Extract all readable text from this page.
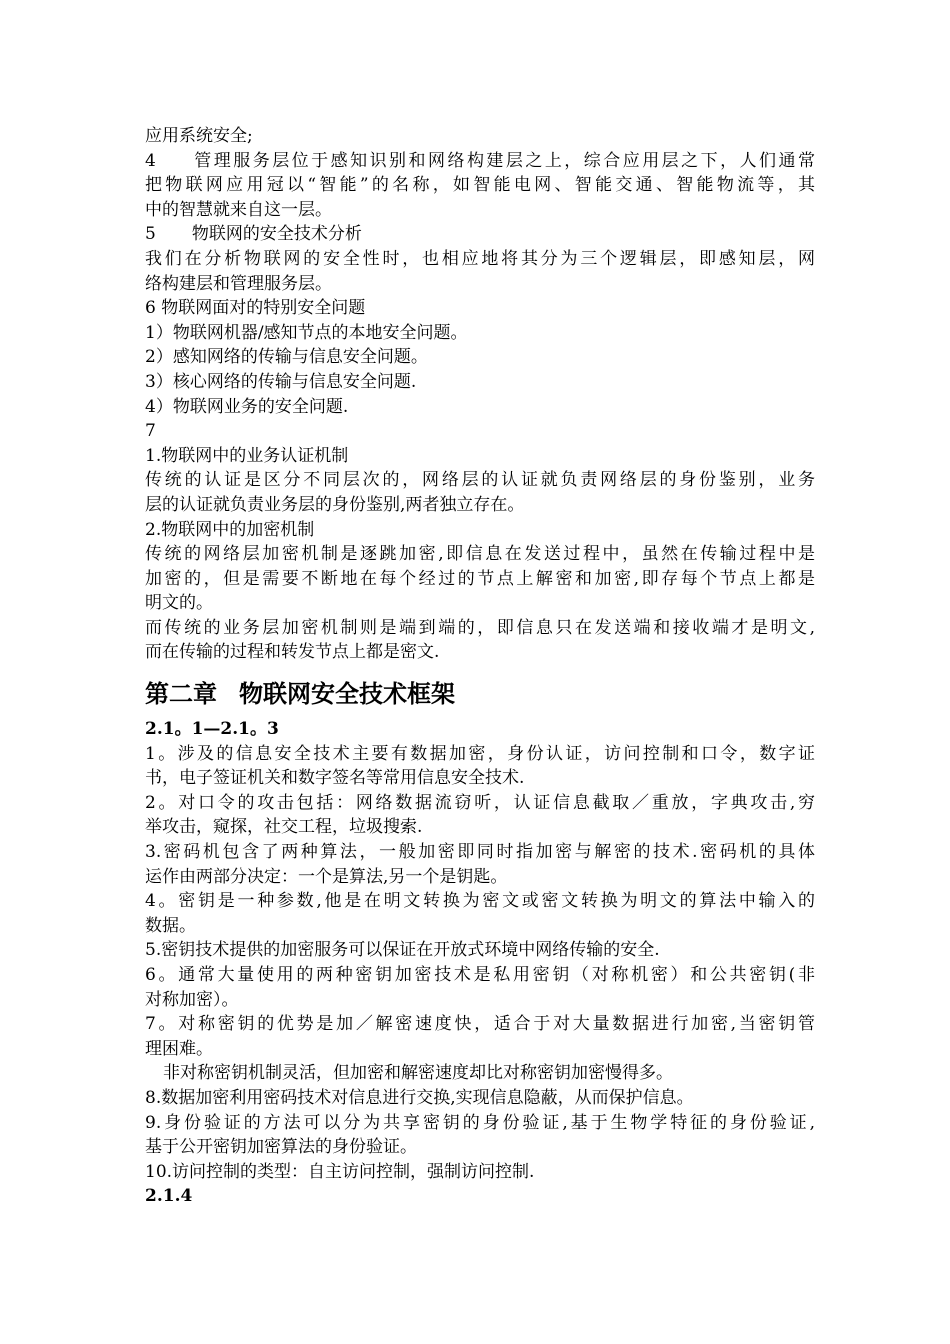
应用系统安全;
4 管理服务层位于感知识别和网络构建层之上，综合应用层之下，人们通常
把物联网应用冠以“智能”的名称，如智能电网、智能交通、智能物流等，其
中的智慧就来自这一层。
5 物联网的安全技术分析
我们在分析物联网的安全性时，也相应地将其分为三个逻辑层，即感知层，网
络构建层和管理服务层。
6 物联网面对的特别安全问题
1）物联网机器/感知节点的本地安全问题。
2）感知网络的传输与信息安全问题。
3）核心网络的传输与信息安全问题.
4）物联网业务的安全问题.
7
1.物联网中的业务认证机制
传统的认证是区分不同层次的，网络层的认证就负责网络层的身份鉴别，业务
层的认证就负责业务层的身份鉴别,两者独立存在。
2.物联网中的加密机制
传统的网络层加密机制是逐跳加密,即信息在发送过程中，虽然在传输过程中是
加密的，但是需要不断地在每个经过的节点上解密和加密,即存每个节点上都是
明文的。
而传统的业务层加密机制则是端到端的，即信息只在发送端和接收端才是明文,
而在传输的过程和转发节点上都是密文.
第二章 物联网安全技术框架
2.1。1—2.1。3
1。涉及的信息安全技术主要有数据加密，身份认证，访问控制和口令，数字证
书，电子签证机关和数字签名等常用信息安全技术.
2。对口令的攻击包括：网络数据流窃听，认证信息截取／重放，字典攻击,穷
举攻击，窥探，社交工程，垃圾搜索.
3.密码机包含了两种算法，一般加密即同时指加密与解密的技术.密码机的具体
运作由两部分决定：一个是算法,另一个是钥匙。
4。密钥是一种参数,他是在明文转换为密文或密文转换为明文的算法中输入的
数据。
5.密钥技术提供的加密服务可以保证在开放式环境中网络传输的安全.
6。通常大量使用的两种密钥加密技术是私用密钥（对称机密）和公共密钥(非
对称加密）。
7。对称密钥的优势是加／解密速度快，适合于对大量数据进行加密,当密钥管
理困难。
非对称密钥机制灵活，但加密和解密速度却比对称密钥加密慢得多。
8.数据加密利用密码技术对信息进行交换,实现信息隐蔽，从而保护信息。
9.身份验证的方法可以分为共享密钥的身份验证,基于生物学特征的身份验证,
基于公开密钥加密算法的身份验证。
10.访问控制的类型：自主访问控制，强制访问控制.
2.1.4
